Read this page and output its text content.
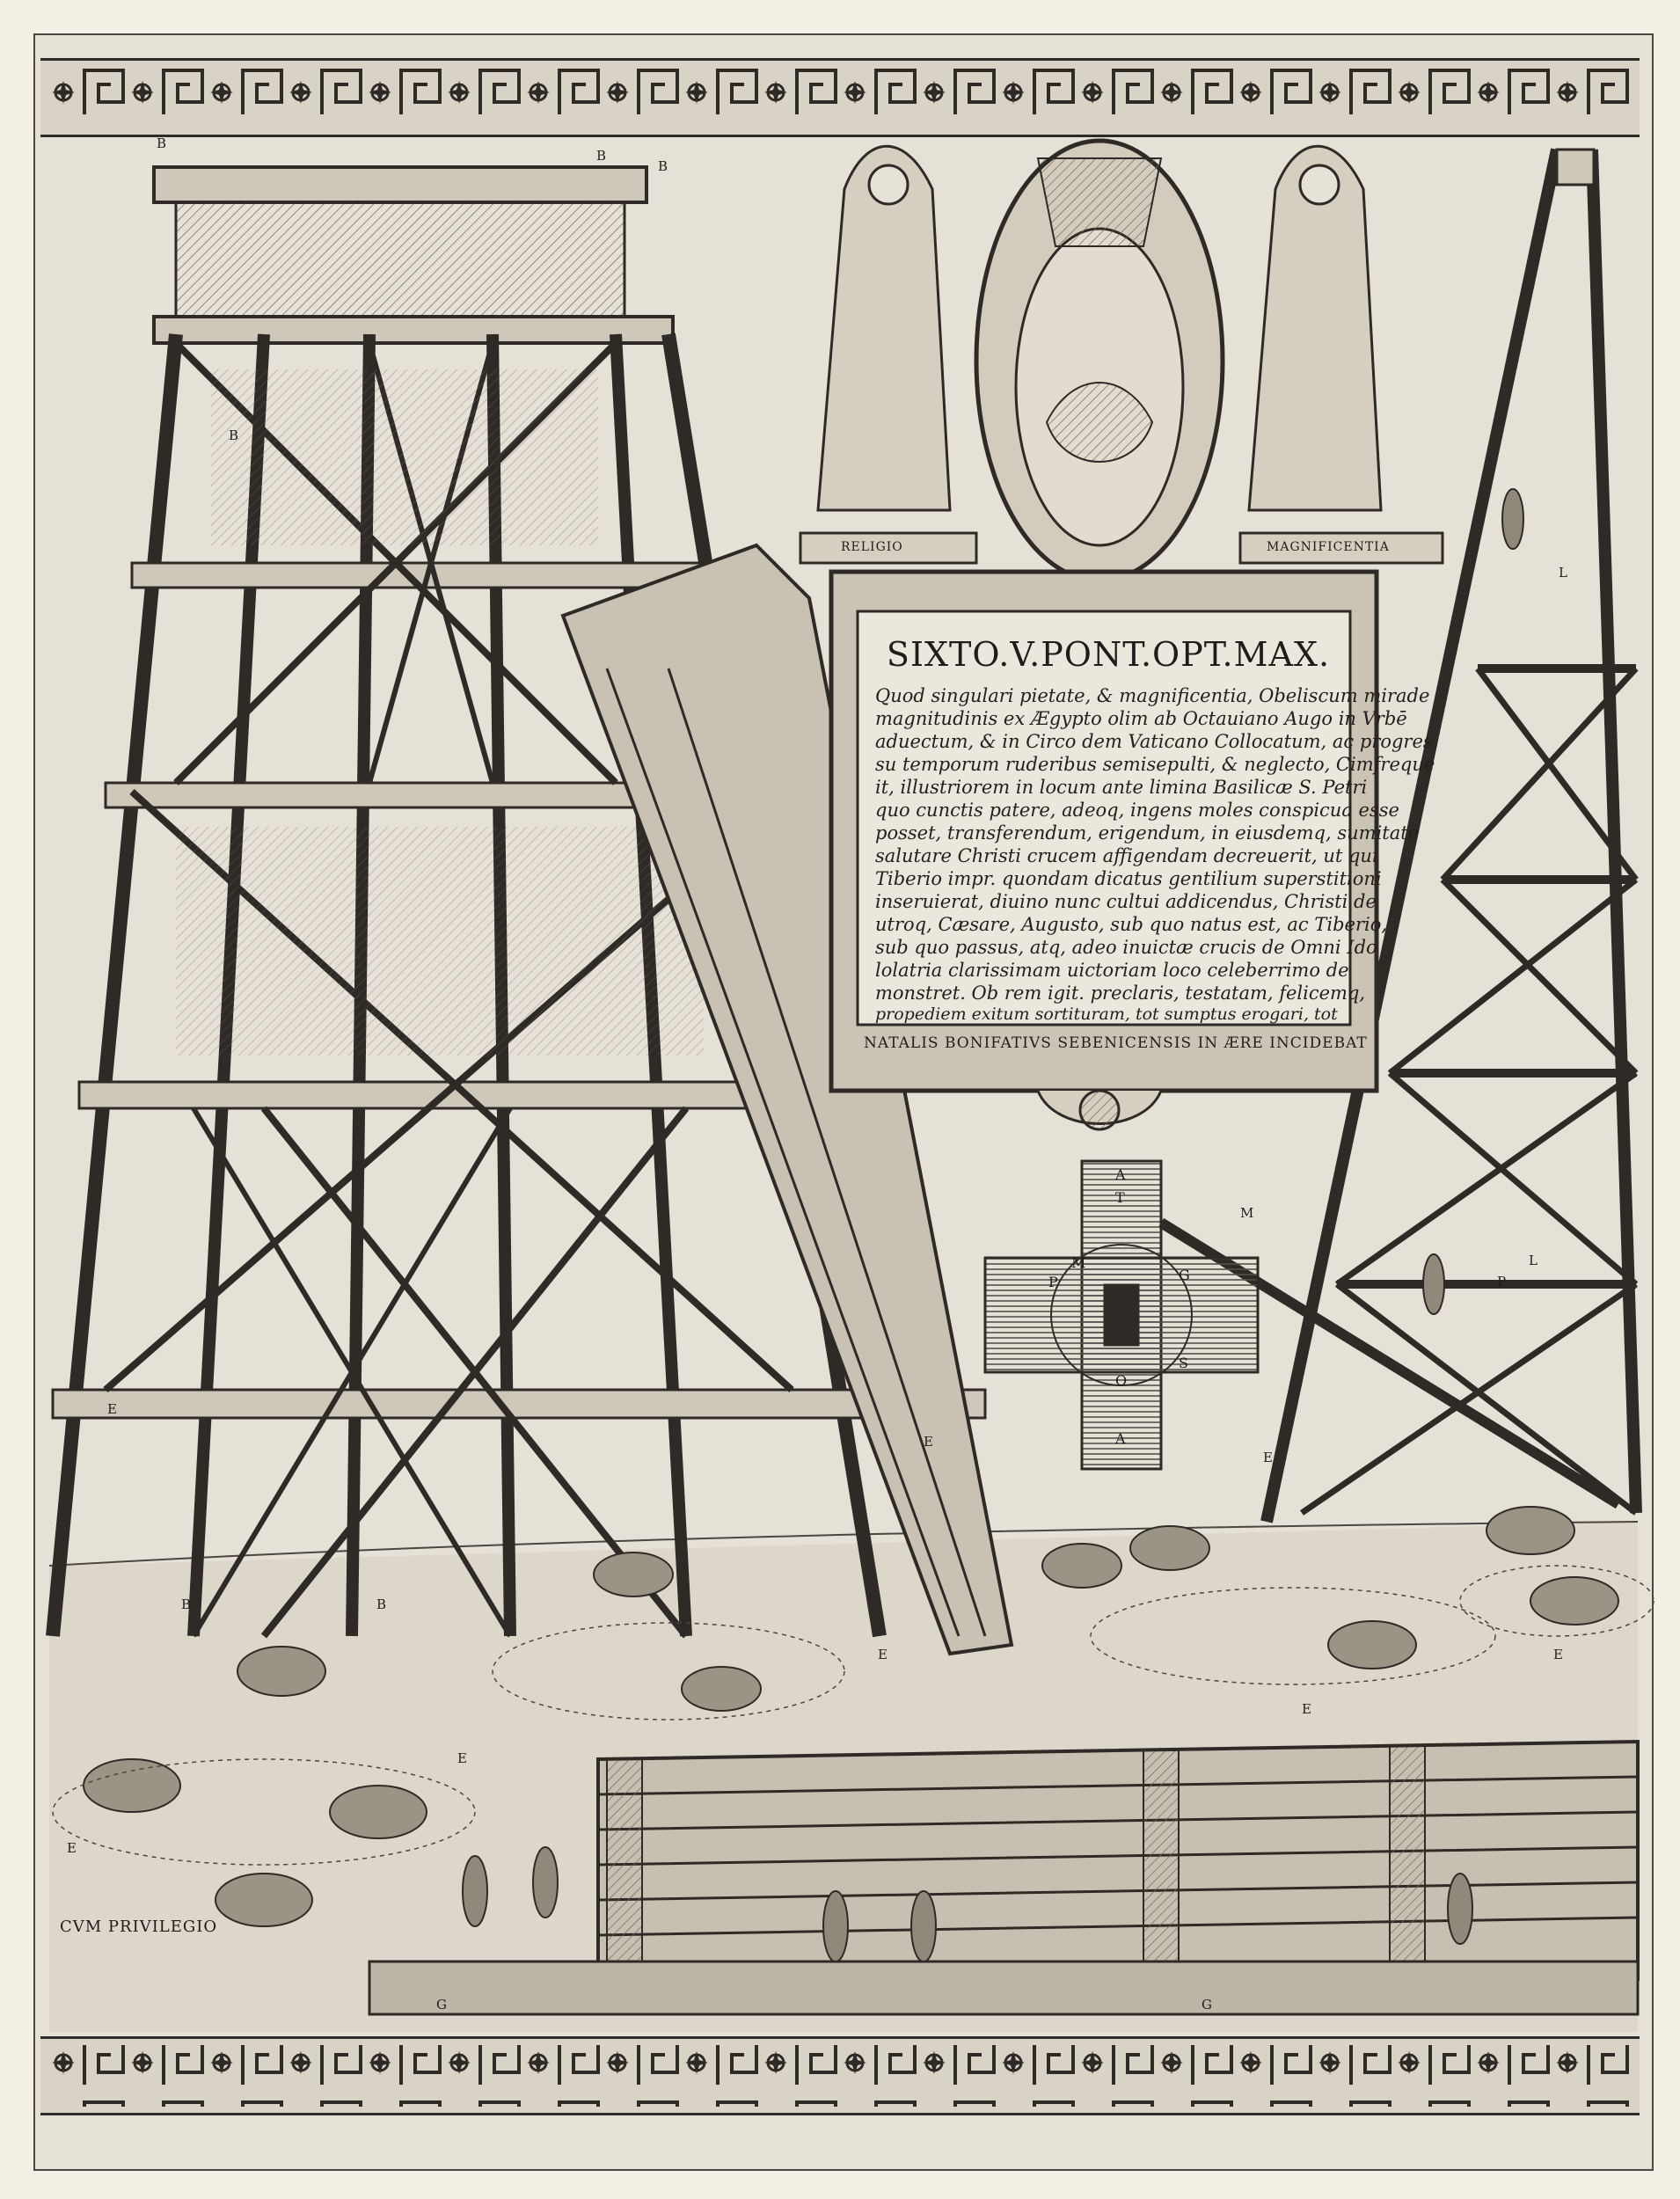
RELIGIO	MAGNIFICENTIA
SIXTO.V.PONT.OPT.MAX.
Quod singulari pietate, & magnificentia, Obeliscum mirade
magnitudinis ex Ægypto olim ab Octauiano Augo in Vrbē
aduectum, & in Circo dem Vaticano Collocatum, ac progres
su temporum ruderibus semisepulti, & neglecto, Cimfreque
it, illustriorem in locum ante limina Basilicæ S. Petri
quo cunctis patere, adeoq, ingens moles conspicua esse
posset, transferendum, erigendum, in eiusdemq, sumitate
salutare Christi crucem affigendam decreuerit, ut qui
Tiberio impr. quondam dicatus gentilium superstitioni
inseruierat, diuino nunc cultui addicendus, Christi de
utroq, Cæsare, Augusto, sub quo natus est, ac Tiberio,
sub quo passus, atq, adeo inuictæ crucis de Omni Ido
lolatria clarissimam uictoriam loco celeberrimo de
monstret. Ob rem igit. preclaris, testatam, felicemq,
propediem exitum sortituram, tot sumptus erogari, tot
NATALIS BONIFATIVS SEBENICENSIS IN ÆRE INCIDEBAT
CVM PRIVILEGIO
A
T
M
G
P
O
S
A
B
B
B
B
B	B
L
L
E
E
E
E
E
E
E
E
G	G
M
P
